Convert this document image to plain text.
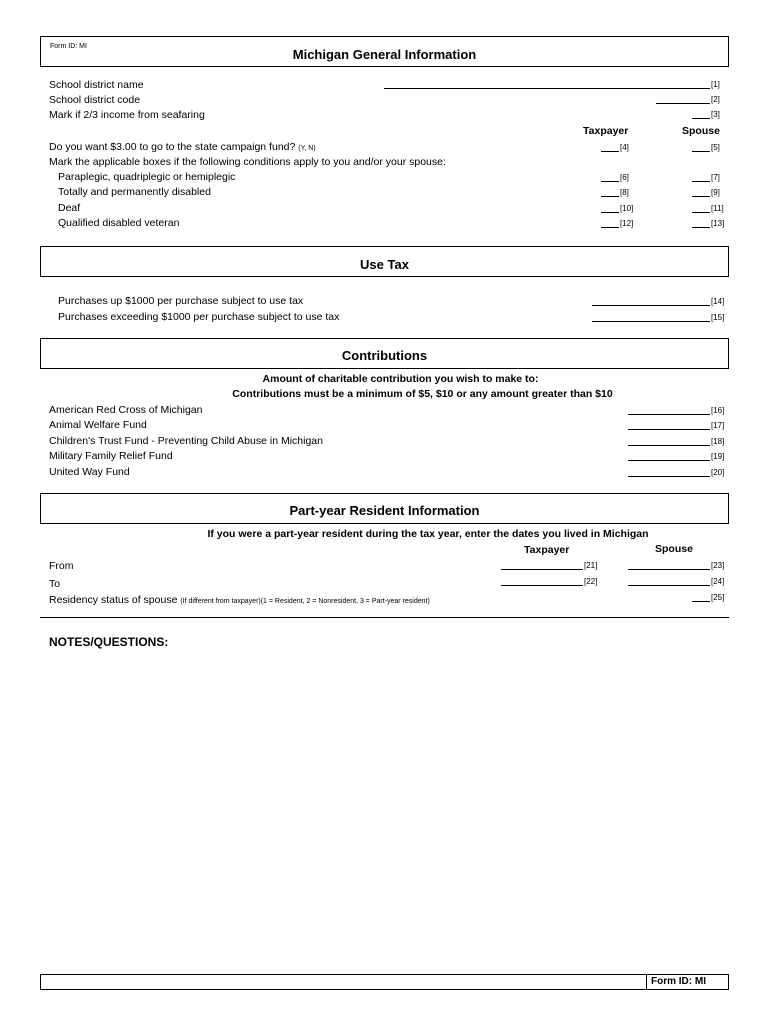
Form ID: MI
Michigan General Information
School district name	[1]
School district code	[2]
Mark if 2/3 income from seafaring	[3]
Taxpayer	Spouse
Do you want $3.00 to go to the state campaign fund? (Y, N)	[4]	[5]
Mark the applicable boxes if the following conditions apply to you and/or your spouse:
Paraplegic, quadriplegic or hemiplegic	[6]	[7]
Totally and permanently disabled	[8]	[9]
Deaf	[10]	[11]
Qualified disabled veteran	[12]	[13]
Use Tax
Purchases up $1000 per purchase subject to use tax	[14]
Purchases exceeding $1000 per purchase subject to use tax	[15]
Contributions
Amount of charitable contribution you wish to make to:
Contributions must be a minimum of $5, $10 or any amount greater than $10
American Red Cross of Michigan	[16]
Animal Welfare Fund	[17]
Children's Trust Fund - Preventing Child Abuse in Michigan	[18]
Military Family Relief Fund	[19]
United Way Fund	[20]
Part-year Resident Information
If you were a part-year resident during the tax year, enter the dates you lived in Michigan
Taxpayer	Spouse
From	[21]	[23]
To	[22]	[24]
Residency status of spouse (If different from taxpayer)(1 = Resident, 2 = Nonresident, 3 = Part-year resident)	[25]
NOTES/QUESTIONS:
Form ID: MI
